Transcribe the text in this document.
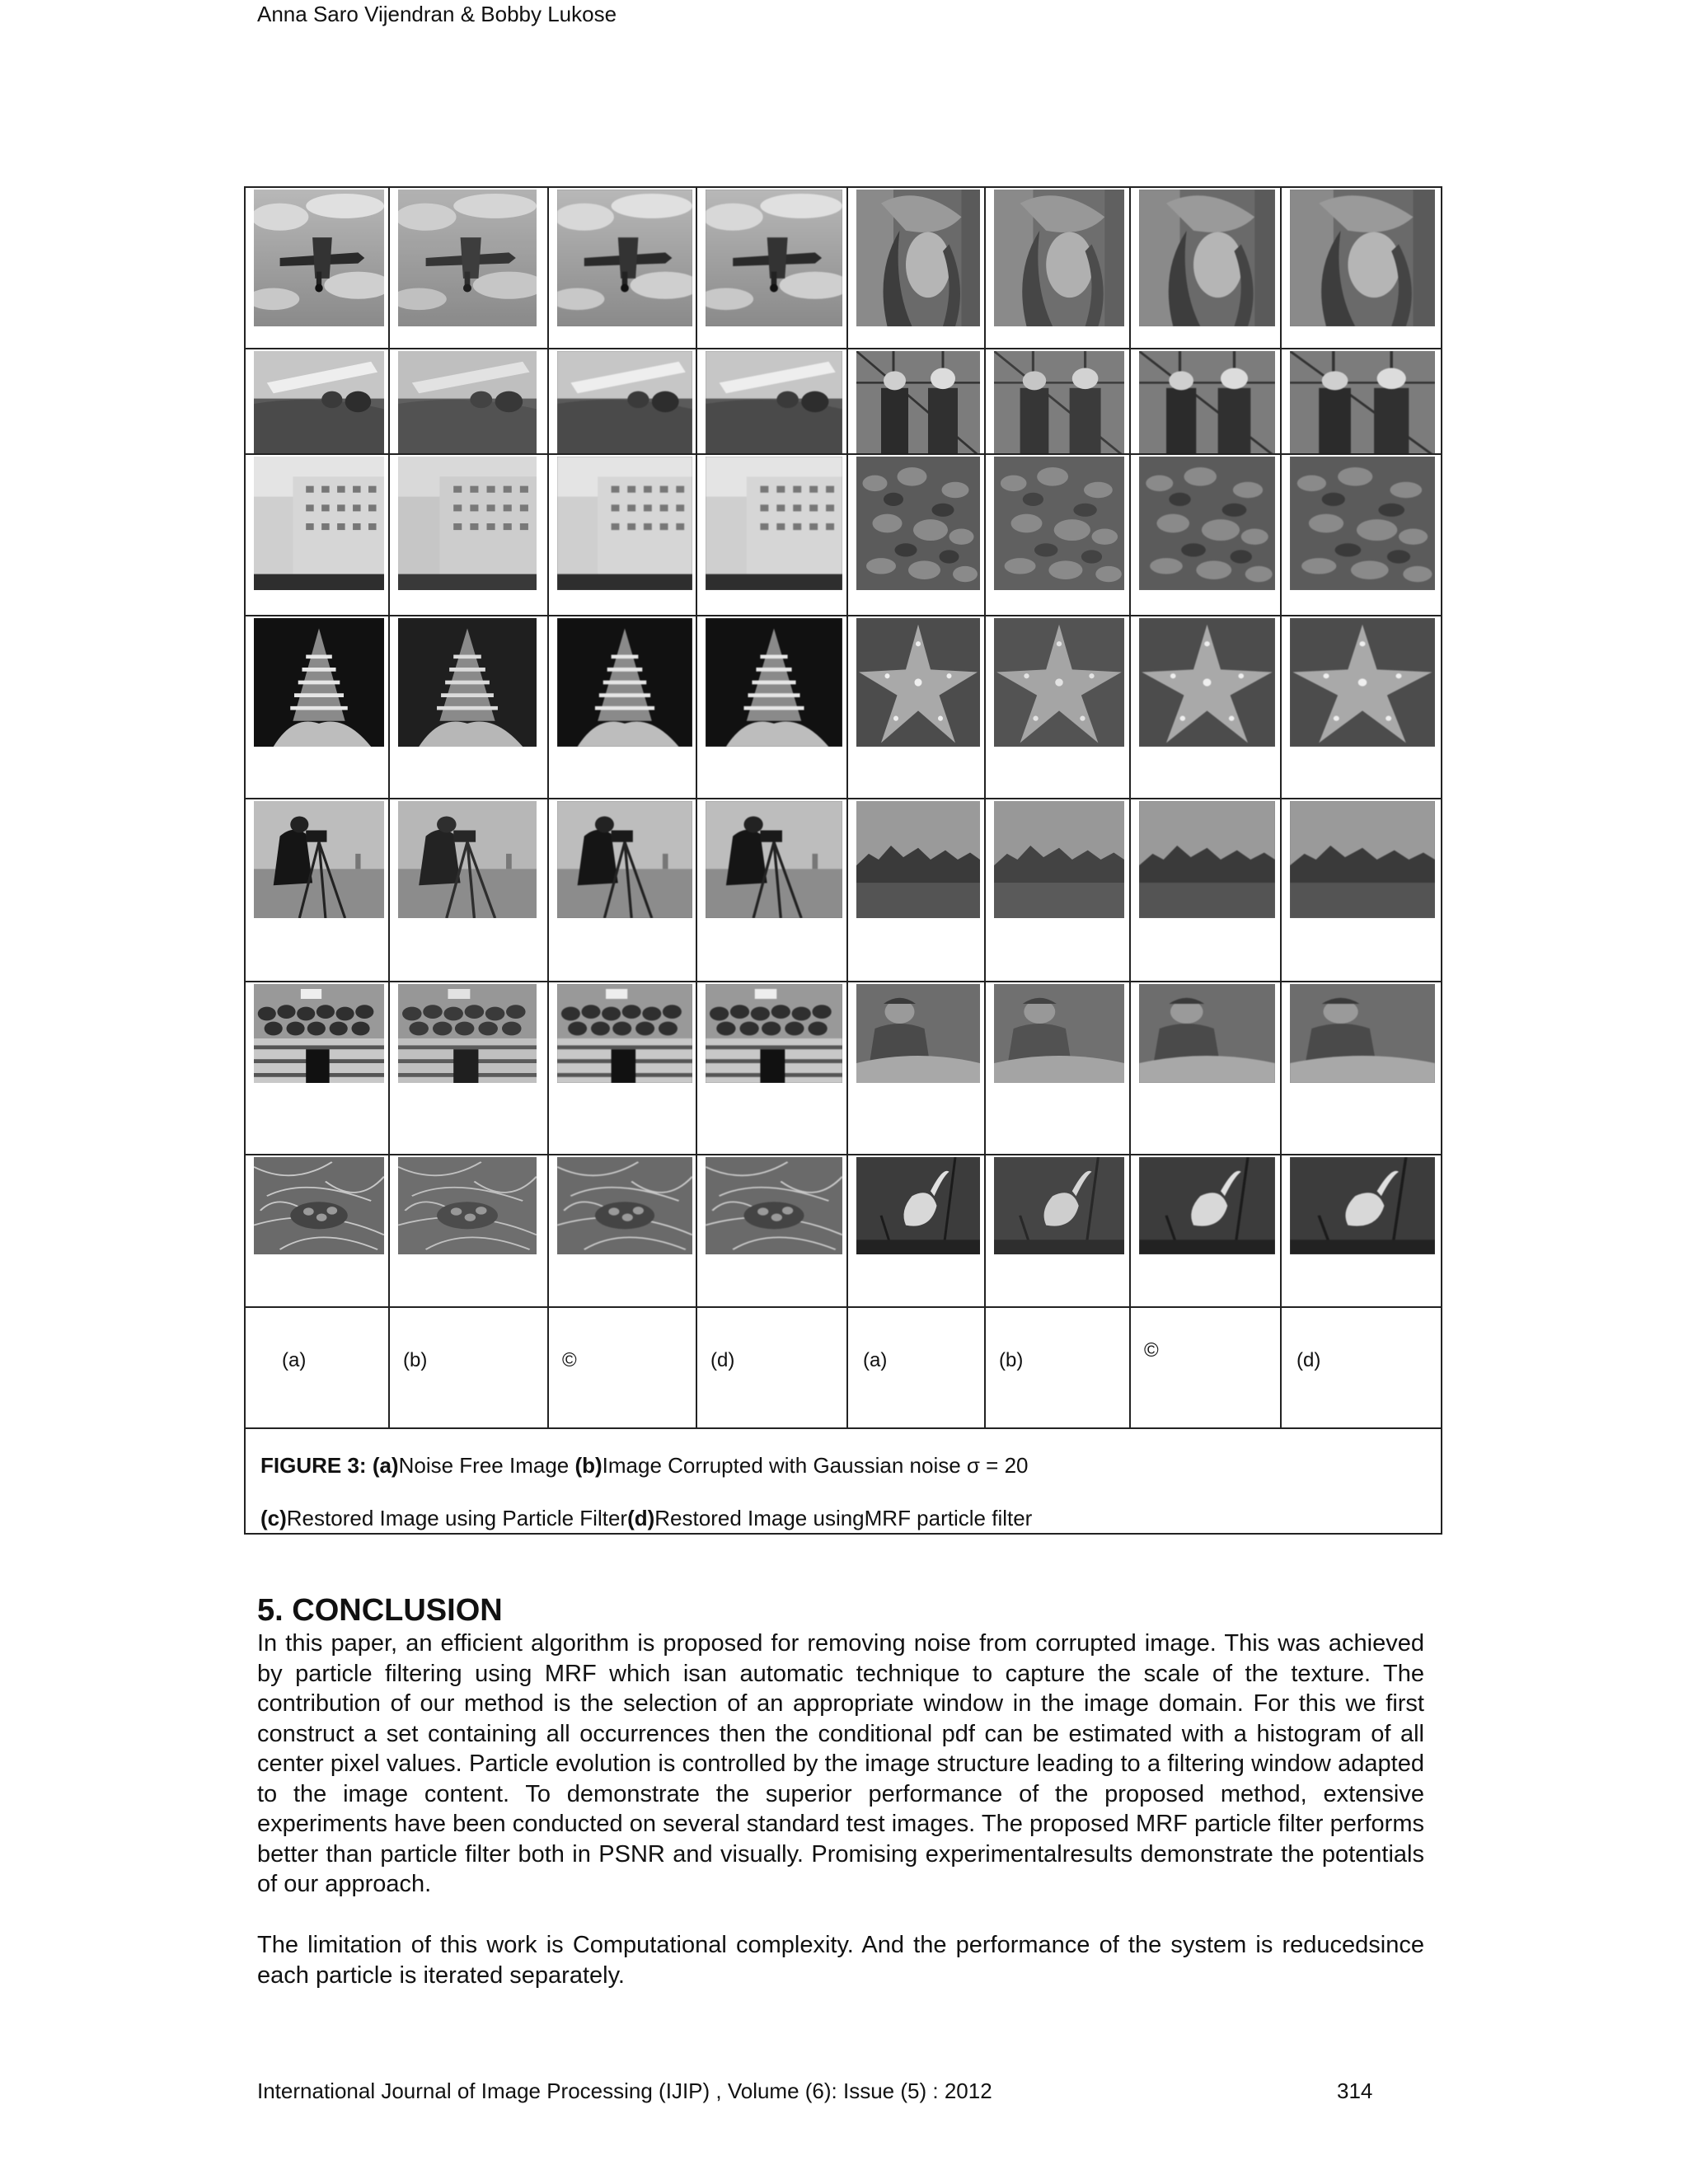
Anna Saro Vijendran & Bobby Lukose

(a)	(b)	©	(d)	(a)	(b)	©	(d)

FIGURE 3: (a)Noise Free Image (b)Image Corrupted with Gaussian noise σ = 20
(c)Restored Image using Particle Filter(d)Restored Image usingMRF particle filter							
5. CONCLUSION
In this paper, an efficient algorithm is proposed for removing noise from corrupted image. This was achieved by particle filtering using MRF which isan automatic technique to capture the scale of the texture. The contribution of our method is the selection of an appropriate window in the image domain. For this we first construct a set containing all occurrences then the conditional pdf can be estimated with a histogram of all center pixel values. Particle evolution is controlled by the image structure leading to a filtering window adapted to the image content. To demonstrate the superior performance of the proposed method, extensive experiments have been conducted on several standard test images. The proposed MRF particle filter performs better than particle filter both in PSNR and visually. Promising experimentalresults demonstrate the potentials of our approach.
The limitation of this work is Computational complexity. And the performance of the system is reducedsince each particle is iterated separately.
International Journal of Image Processing (IJIP) , Volume (6): Issue (5) : 2012	314
